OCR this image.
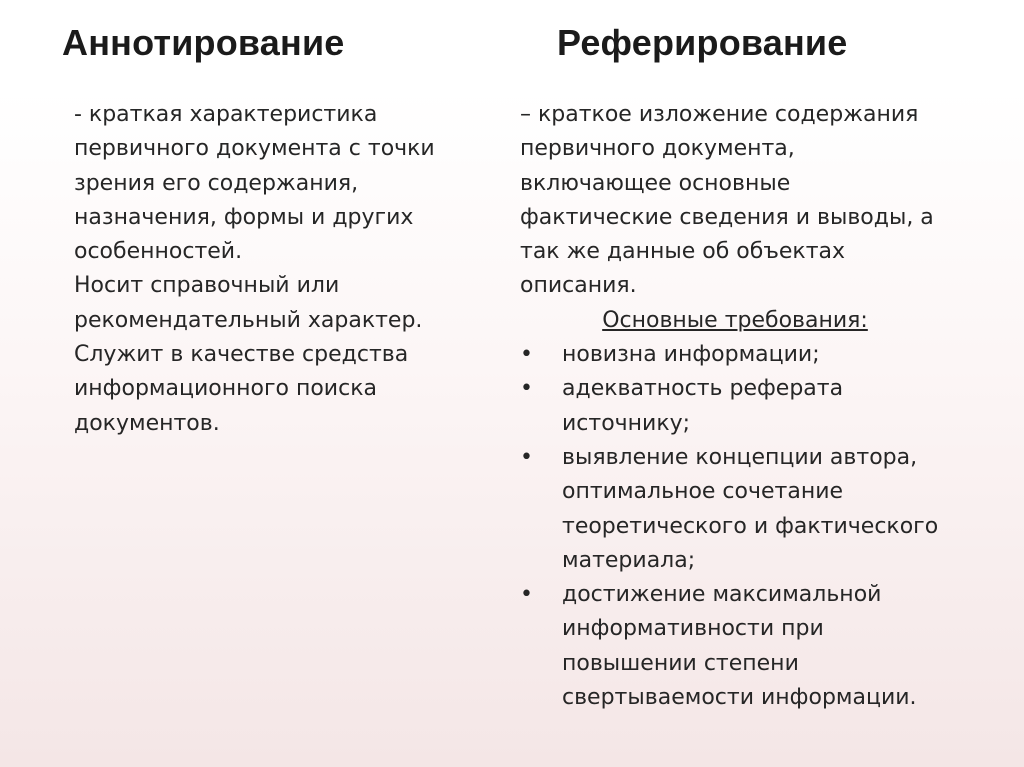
Аннотирование	Реферирование

- краткая характеристика

первичного документа с точки

зрения его содержания,

назначения, формы и других

особенностей.

Носит справочный или

рекомендательный характер.

Служит в качестве средства

информационного поиска

документов.

– краткое изложение содержания

первичного документа,

включающее основные

фактические сведения и выводы, а

так же данные об объектах

описания.

Основные требования:

• новизна информации;
• адекватность реферата
источнику;
• выявление концепции автора,
оптимальное сочетание
теоретического и фактического
материала;
• достижение максимальной
информативности при
повышении степени
свертываемости информации.
